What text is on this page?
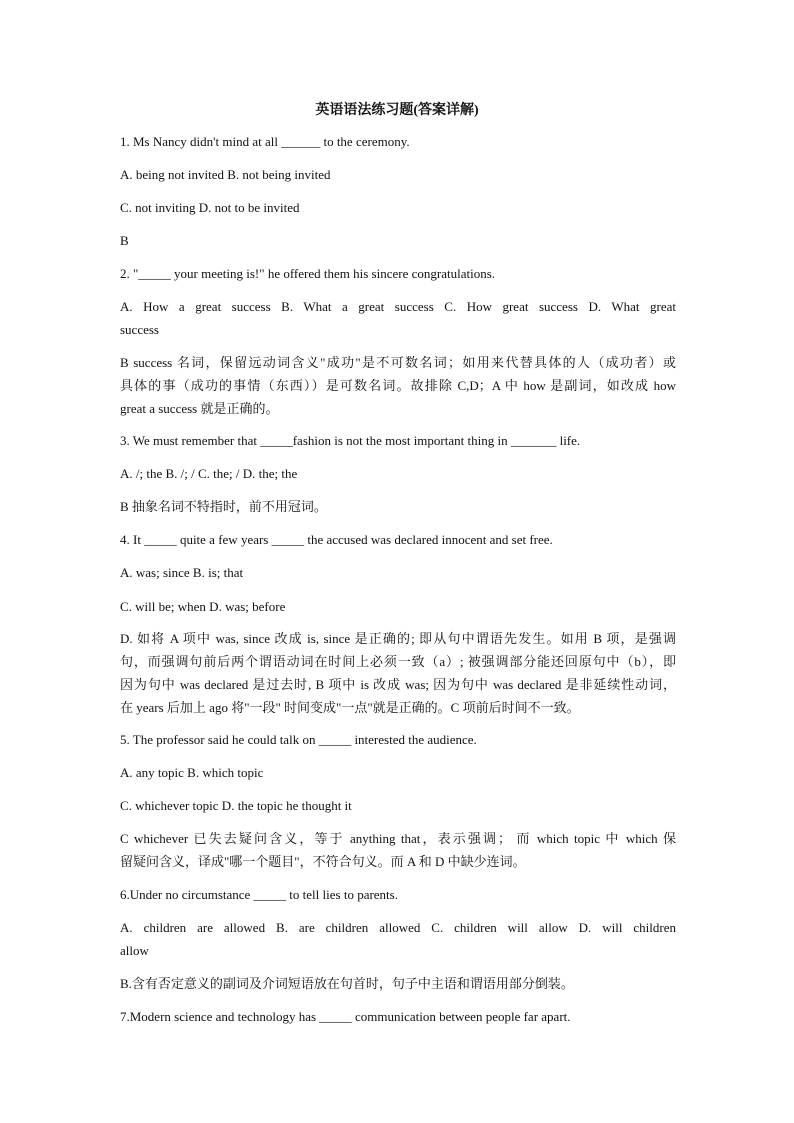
英语语法练习题(答案详解)
1. Ms Nancy didn't mind at all ______ to the ceremony.
A. being not invited B. not being invited
C. not inviting D. not to be invited
B
2. "_____ your meeting is!" he offered them his sincere congratulations.
A. How a great success B. What a great success C. How great success D. What great
success
B success 名词，保留远动词含义"成功"是不可数名词；如用来代替具体的人（成功者）或
具体的事（成功的事情（东西））是可数名词。故排除 C,D；A 中 how 是副词，如改成 how
great a success 就是正确的。
3. We must remember that _____fashion is not the most important thing in _______ life.
A. /; the B. /; / C. the; / D. the; the
B 抽象名词不特指时，前不用冠词。
4. It _____ quite a few years _____ the accused was declared innocent and set free.
A. was; since B. is; that
C. will be; when D. was; before
D. 如将 A 项中 was, since 改成 is, since 是正确的; 即从句中谓语先发生。如用 B 项，是强调
句，而强调句前后两个谓语动词在时间上必须一致（a）; 被强调部分能还回原句中（b），即
因为句中 was declared 是过去时, B 项中 is 改成 was; 因为句中 was declared 是非延续性动词，
在 years 后加上 ago 将"一段" 时间变成"一点"就是正确的。C 项前后时间不一致。
5. The professor said he could talk on _____ interested the audience.
A. any topic B. which topic
C. whichever topic D. the topic he thought it
C whichever 已失去疑问含义，等于 anything that，表示强调； 而 which topic 中 which 保
留疑问含义，译成"哪一个题目"，不符合句义。而 A 和 D 中缺少连词。
6.Under no circumstance _____ to tell lies to parents.
A. children are allowed B. are children allowed C. children will allow D. will children
allow
B.含有否定意义的副词及介词短语放在句首时，句子中主语和谓语用部分倒装。
7.Modern science and technology has _____ communication between people far apart.
